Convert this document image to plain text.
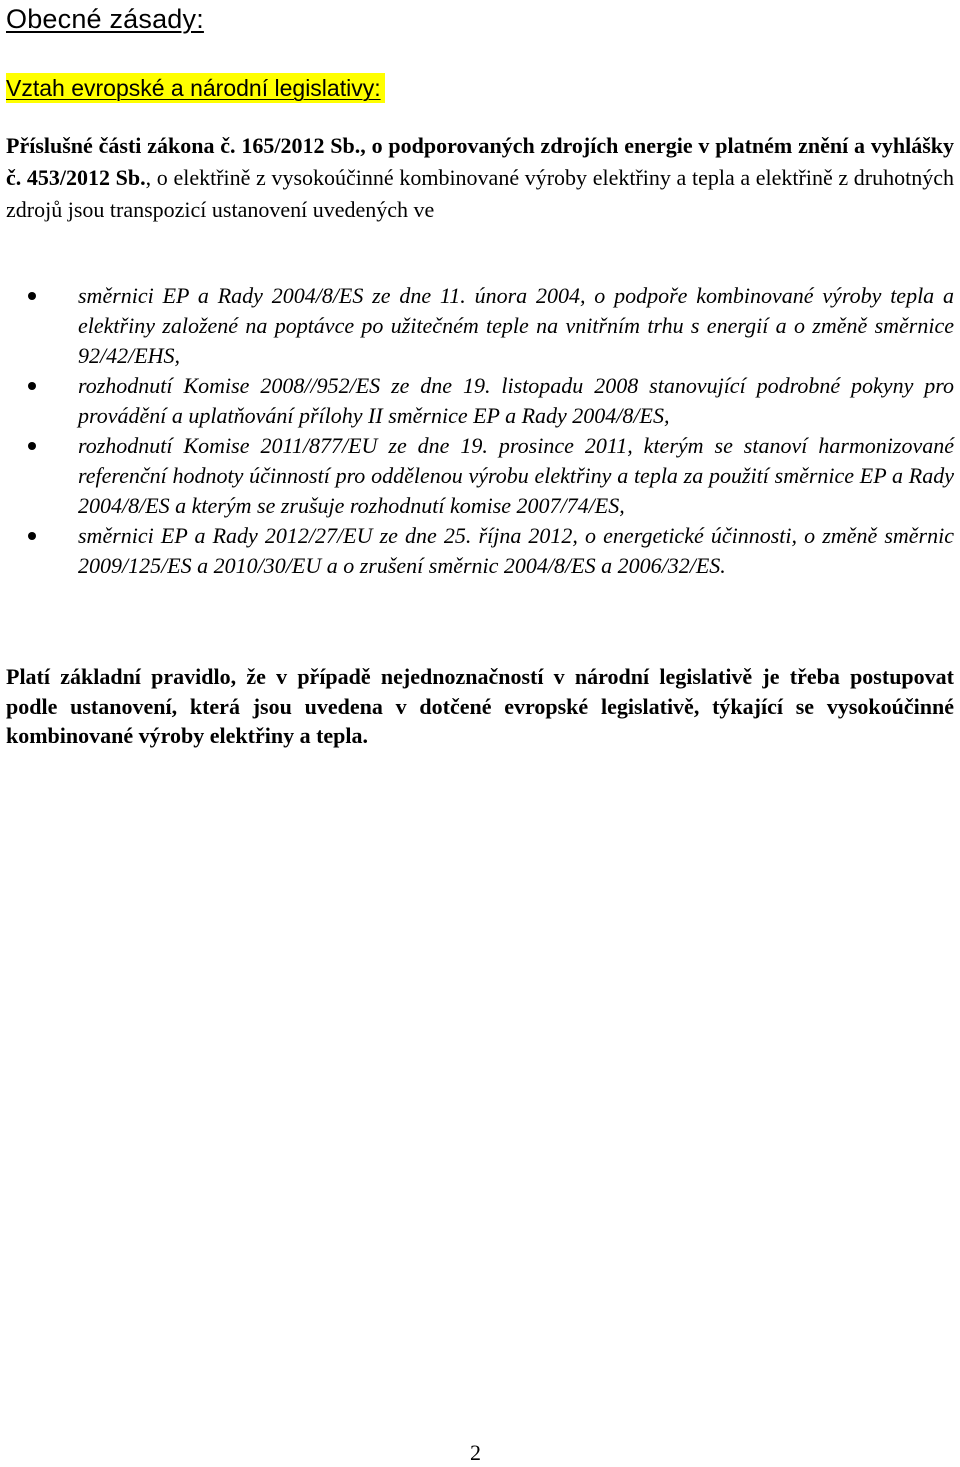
Obecné zásady:
Vztah evropské a národní legislativy:

Příslušné části zákona č. 165/2012 Sb., o podporovaných zdrojích energie v platném znění a vyhlášky č. 453/2012 Sb., o elektřině z vysokoúčinné kombinované výroby elektřiny a tepla a elektřině z druhotných zdrojů jsou transpozicí ustanovení uvedených ve

směrnici EP a Rady 2004/8/ES ze dne 11. února 2004, o podpoře kombinované výroby tepla a elektřiny založené na poptávce po užitečném teple na vnitřním trhu s energií a o změně směrnice 92/42/EHS,
rozhodnutí Komise 2008//952/ES ze dne 19. listopadu 2008 stanovující podrobné pokyny pro provádění a uplatňování přílohy II směrnice EP a Rady 2004/8/ES,
rozhodnutí Komise 2011/877/EU ze dne 19. prosince 2011, kterým se stanoví harmonizované referenční hodnoty účinností pro oddělenou výrobu elektřiny a tepla za použití směrnice EP a Rady 2004/8/ES a kterým se zrušuje rozhodnutí komise 2007/74/ES,
směrnici EP a Rady 2012/27/EU ze dne 25. října 2012, o energetické účinnosti, o změně směrnic 2009/125/ES a 2010/30/EU a o zrušení směrnic 2004/8/ES a 2006/32/ES.

Platí základní pravidlo, že v případě nejednoznačností v národní legislativě je třeba postupovat podle ustanovení, která jsou uvedena v dotčené evropské legislativě, týkající se vysokoúčinné kombinované výroby elektřiny a tepla.

2
